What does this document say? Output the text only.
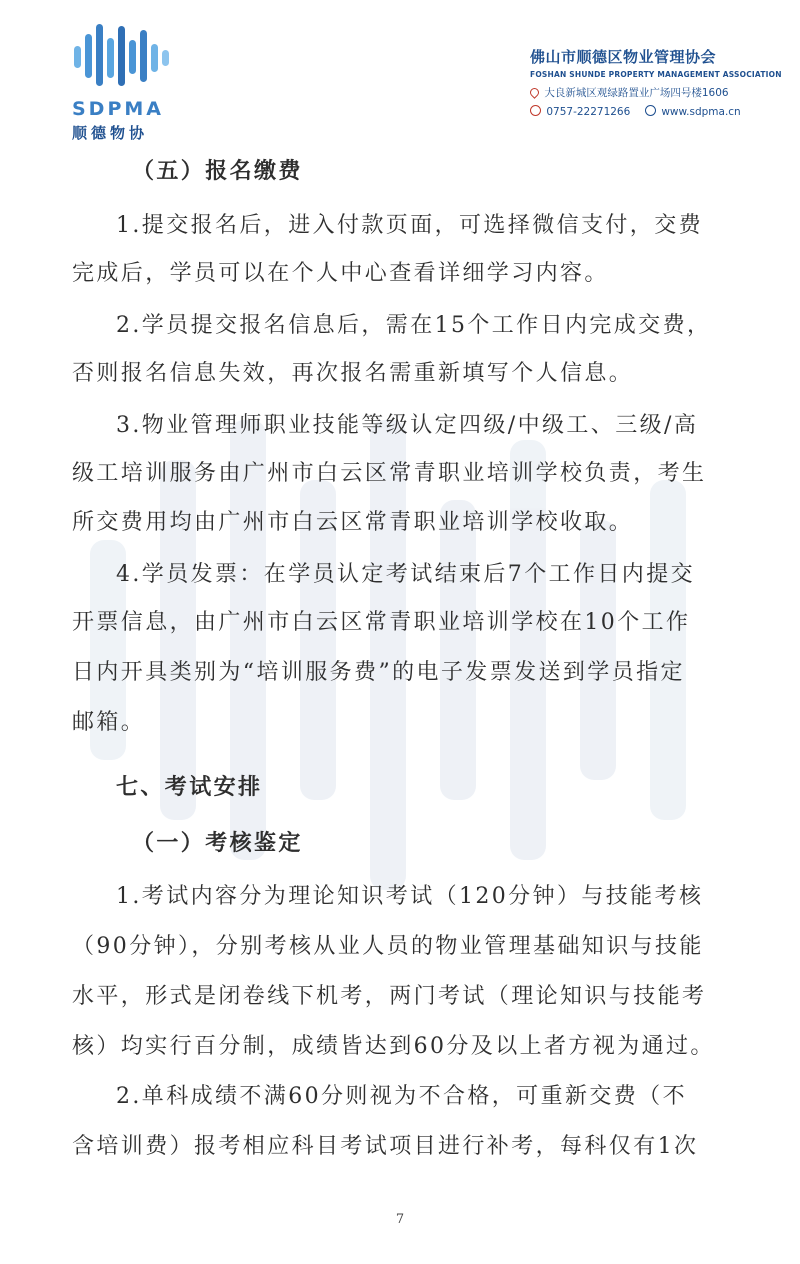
SDPMA
顺德物协
佛山市顺德区物业管理协会
FOSHAN SHUNDE PROPERTY MANAGEMENT ASSOCIATION
大良新城区观绿路置业广场四号楼1606
0757-22271266	www.sdpma.cn
（五）报名缴费
1.提交报名后，进入付款页面，可选择微信支付，交费
完成后，学员可以在个人中心查看详细学习内容。
2.学员提交报名信息后，需在15个工作日内完成交费，
否则报名信息失效，再次报名需重新填写个人信息。
3.物业管理师职业技能等级认定四级/中级工、三级/高
级工培训服务由广州市白云区常青职业培训学校负责，考生
所交费用均由广州市白云区常青职业培训学校收取。
4.学员发票：在学员认定考试结束后7个工作日内提交
开票信息，由广州市白云区常青职业培训学校在10个工作
日内开具类别为“培训服务费”的电子发票发送到学员指定
邮箱。
七、考试安排
（一）考核鉴定
1.考试内容分为理论知识考试（120分钟）与技能考核
（90分钟），分别考核从业人员的物业管理基础知识与技能
水平，形式是闭卷线下机考，两门考试（理论知识与技能考
核）均实行百分制，成绩皆达到60分及以上者方视为通过。
2.单科成绩不满60分则视为不合格，可重新交费（不
含培训费）报考相应科目考试项目进行补考，每科仅有1次
7
